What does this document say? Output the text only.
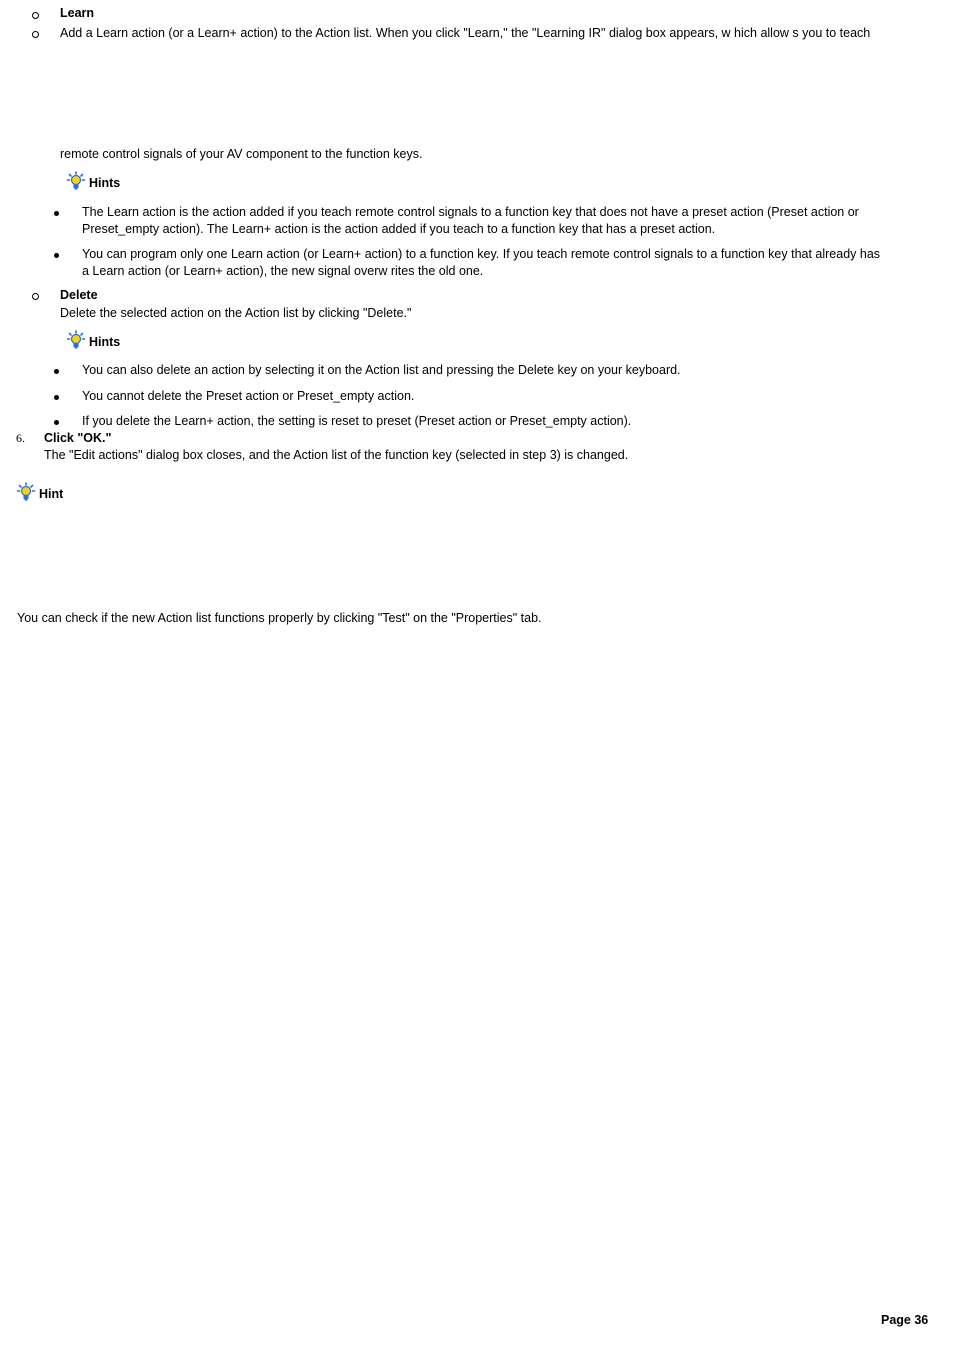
Learn
Add a Learn action (or a Learn+ action) to the Action list. When you click "Learn," the "Learning IR" dialog box appears, w hich allow s you to teach
remote control signals of your AV component to the function keys.
Hints
The Learn action is the action added if you teach remote control signals to a function key that does not have a preset action (Preset action or
Preset_empty action). The Learn+ action is the action added if you teach to a function key that has a preset action.
You can program only one Learn action (or Learn+ action) to a function key. If you teach remote control signals to a function key that already has
a Learn action (or Learn+ action), the new signal overw rites the old one.
Delete
Delete the selected action on the Action list by clicking "Delete."
Hints
You can also delete an action by selecting it on the Action list and pressing the Delete key on your keyboard.
You cannot delete the Preset action or Preset_empty action.
If you delete the Learn+ action, the setting is reset to preset (Preset action or Preset_empty action).
6. Click "OK."
The "Edit actions" dialog box closes, and the Action list of the function key (selected in step 3) is changed.
Hint
You can check if the new Action list functions properly by clicking "Test" on the "Properties" tab.
Page 36
